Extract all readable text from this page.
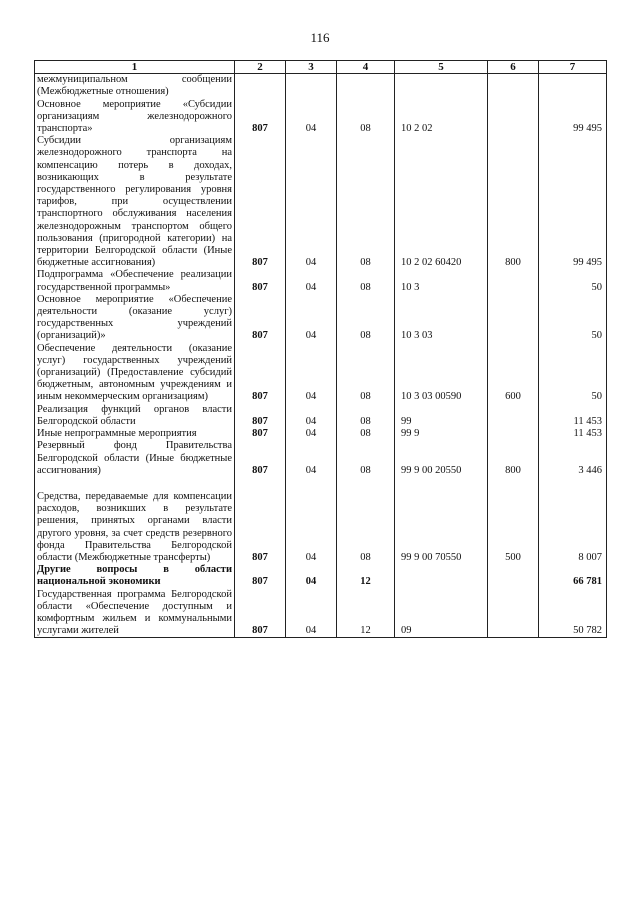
116
1	2	3	4	5	6	7
межмуниципальном сообщении (Межбюджетные отношения)						
Основное мероприятие «Субсидии организациям железнодорожного транспорта»	807	04	08	10 2 02		99 495
Субсидии организациям железнодорожного транспорта на компенсацию потерь в доходах, возникающих в результате государственного регулирования уровня тарифов, при осуществлении транспортного обслуживания населения железнодорожным транспортом общего пользования (пригородной категории) на территории Белгородской области (Иные бюджетные ассигнования)	807	04	08	10 2 02 60420	800	99 495
Подпрограмма «Обеспечение реализации государственной программы»	807	04	08	10 3		50
Основное мероприятие «Обеспечение деятельности (оказание услуг) государственных учреждений (организаций)»	807	04	08	10 3 03		50
Обеспечение деятельности (оказание услуг) государственных учреждений (организаций) (Предоставление субсидий бюджетным, автономным учреждениям и иным некоммерческим организациям)	807	04	08	10 3 03 00590	600	50
Реализация функций органов власти Белгородской области	807	04	08	99		11 453
Иные непрограммные мероприятия	807	04	08	99 9		11 453
Резервный фонд Правительства Белгородской области (Иные бюджетные ассигнования)	807	04	08	99 9 00 20550	800	3 446
Средства, передаваемые для компенсации расходов, возникших в результате решения, принятых органами власти другого уровня, за счет средств резервного фонда Правительства Белгородской области (Межбюджетные трансферты)	807	04	08	99 9 00 70550	500	8 007
Другие вопросы в области национальной экономики	807	04	12			66 781
Государственная программа Белгородской области «Обеспечение доступным и комфортным жильем и коммунальными услугами жителей	807	04	12	09		50 782
